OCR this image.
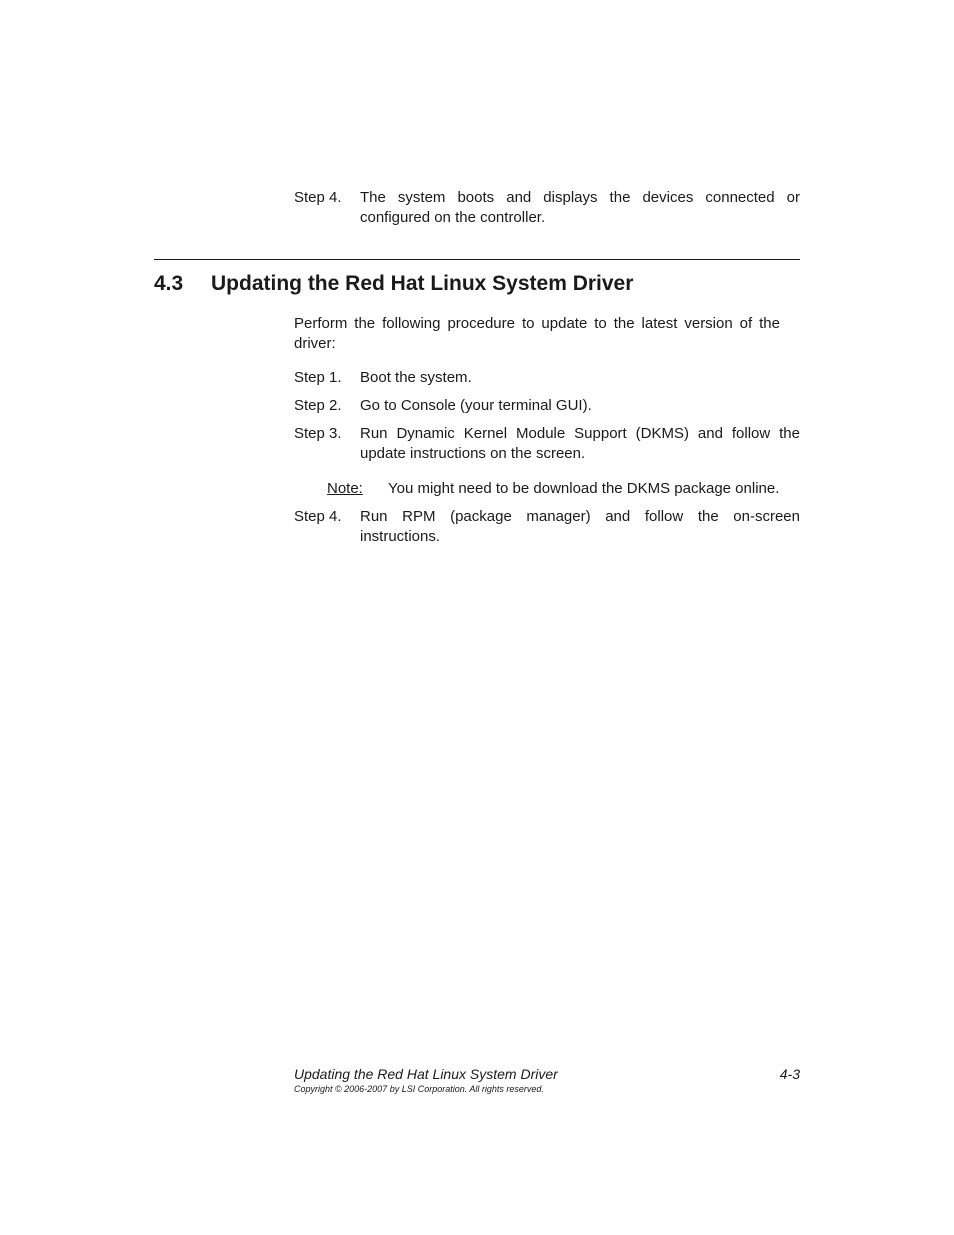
Step 4.	The system boots and displays the devices connected or configured on the controller.
4.3	Updating the Red Hat Linux System Driver
Perform the following procedure to update to the latest version of the driver:
Step 1.	Boot the system.
Step 2.	Go to Console (your terminal GUI).
Step 3.	Run Dynamic Kernel Module Support (DKMS) and follow the update instructions on the screen.
Note:	You might need to be download the DKMS package online.
Step 4.	Run RPM (package manager) and follow the on-screen instructions.
Updating the Red Hat Linux System Driver	4-3
Copyright © 2006-2007 by LSI Corporation. All rights reserved.
